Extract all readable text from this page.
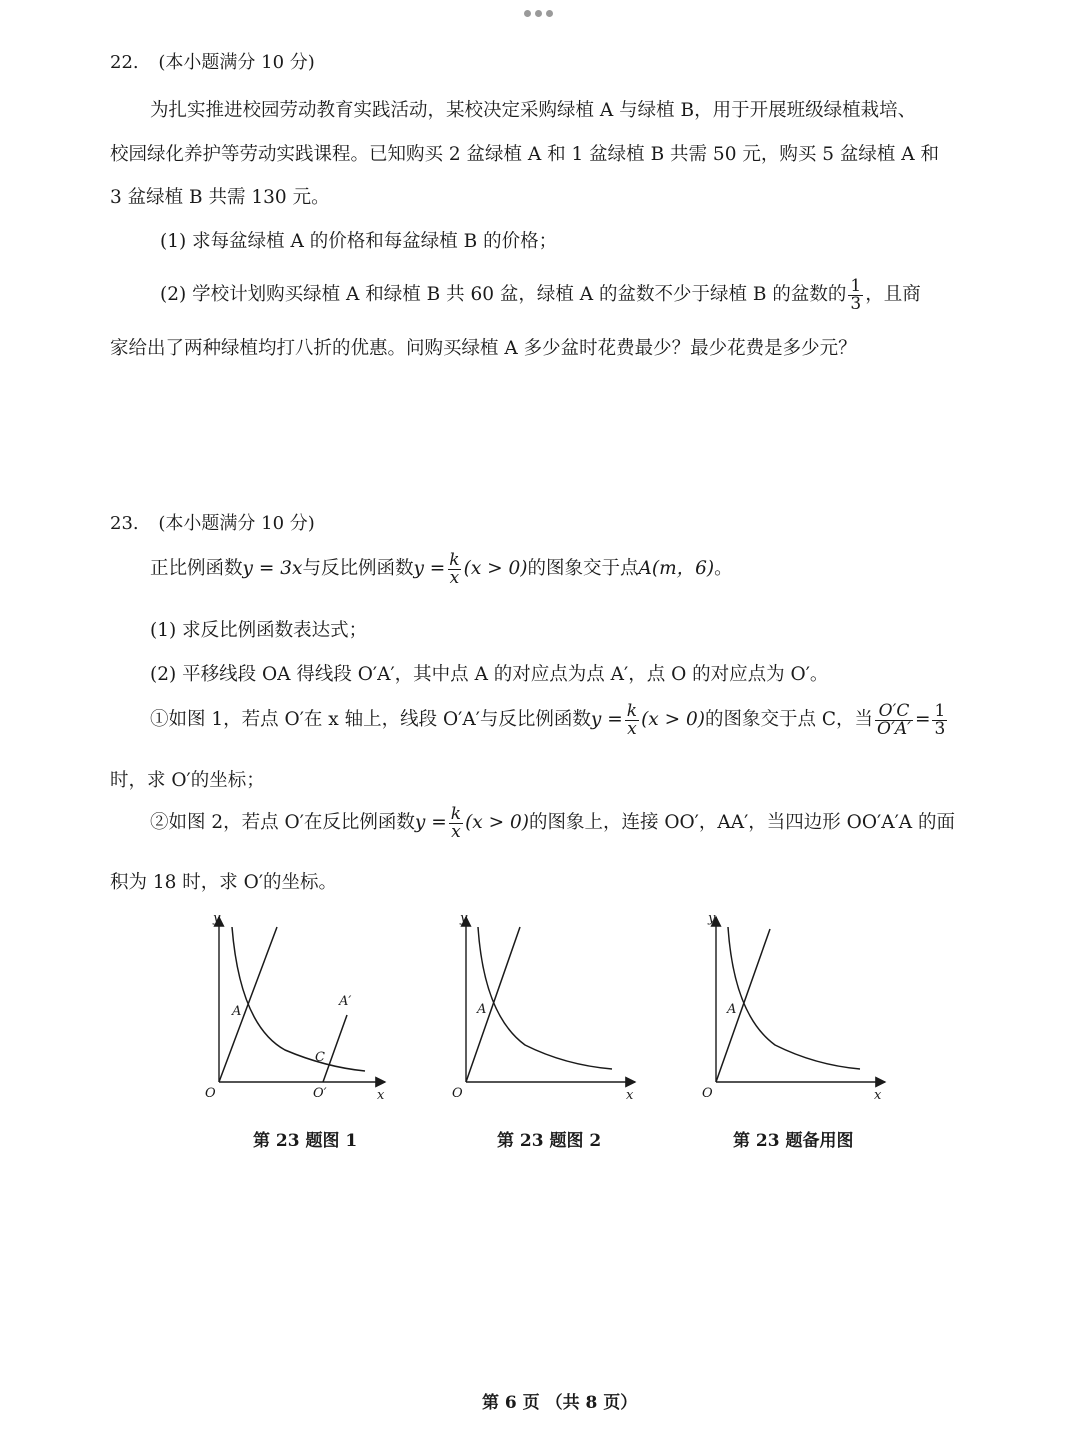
22. (本小题满分 10 分)
为扎实推进校园劳动教育实践活动，某校决定采购绿植 A 与绿植 B，用于开展班级绿植栽培、
校园绿化养护等劳动实践课程。已知购买 2 盆绿植 A 和 1 盆绿植 B 共需 50 元，购买 5 盆绿植 A 和
3 盆绿植 B 共需 130 元。
(1) 求每盆绿植 A 的价格和每盆绿植 B 的价格；
(2) 学校计划购买绿植 A 和绿植 B 共 60 盆，绿植 A 的盆数不少于绿植 B 的盆数的 $\frac{1}{3}$ ，且商
家给出了两种绿植均打八折的优惠。问购买绿植 A 多少盆时花费最少？最少花费是多少元？
23. (本小题满分 10 分)
正比例函数 y = 3x 与反比例函数 $y = \frac{k}{x} (x > 0)$ 的图象交于点 A(m，6) 。
(1) 求反比例函数表达式；
(2) 平移线段 OA 得线段 O′A′，其中点 A 的对应点为点 A′，点 O 的对应点为 O′。
①如图 1，若点 O′在 x 轴上，线段 O′A′与反比例函数 $y = \frac{k}{x} (x > 0)$ 的图象交于点 C，当 $\frac{O'C}{O'A'} = \frac{1}{3}$
时，求 O′的坐标；
②如图 2，若点 O′在反比例函数 $y = \frac{k}{x} (x > 0)$ 的图象上，连接 OO′，AA′，当四边形 OO′A′A 的面
积为 18 时，求 O′的坐标。
y
x
O
A
A′
C
O′
第 23 题图 1
y
x
O
A
第 23 题图 2
y
x
O
A
第 23 题备用图
第 6 页 （共 8 页）
